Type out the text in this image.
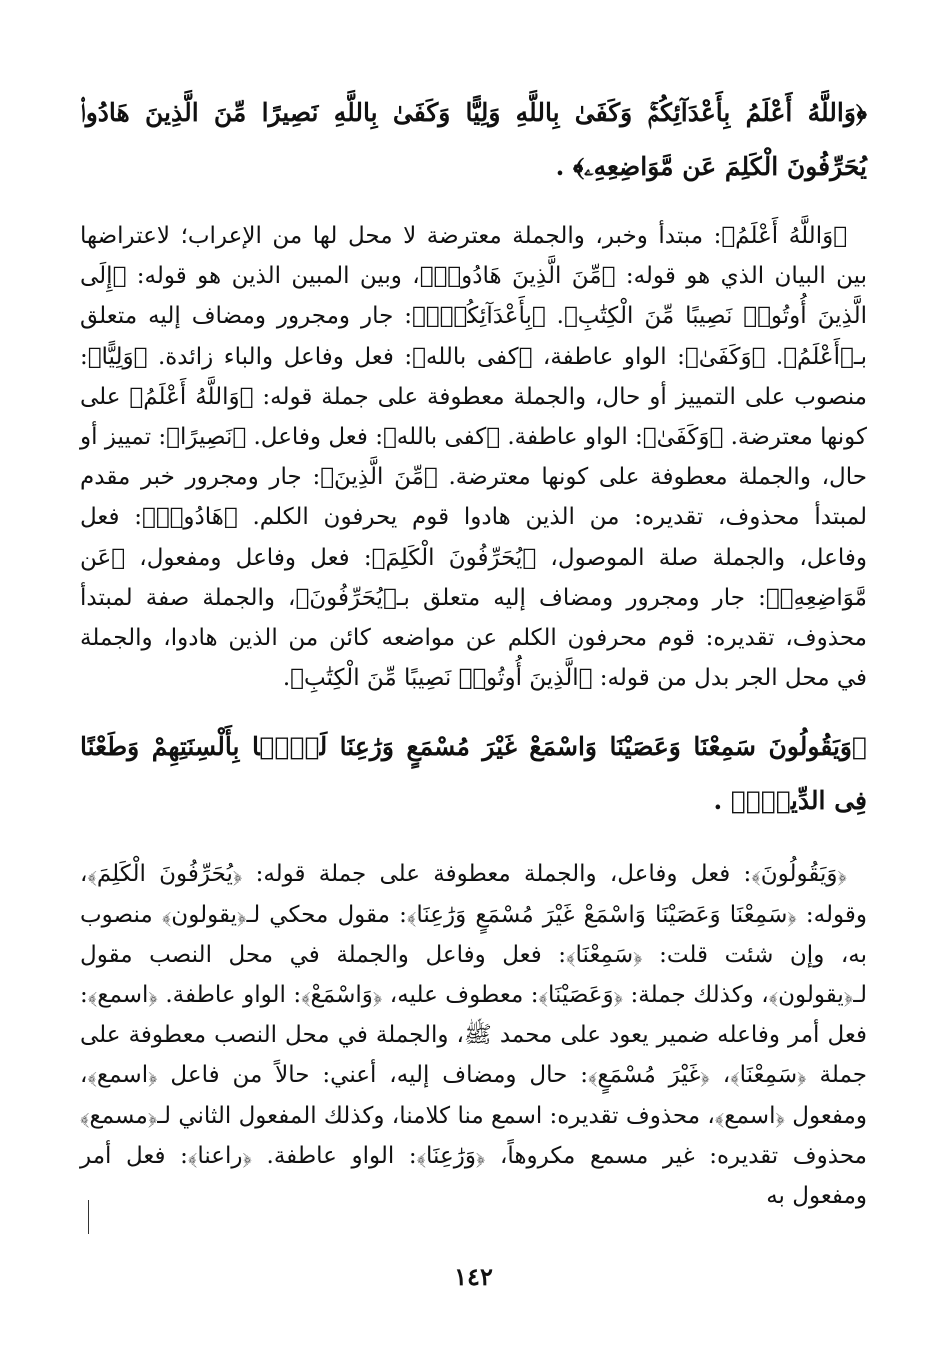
﴿وَاللَّهُ أَعْلَمُ بِأَعْدَآئِكُمْۚ وَكَفَىٰ بِاللَّهِ وَلِيًّا وَكَفَىٰ بِاللَّهِ نَصِيرًا مِّنَ الَّذِينَ هَادُوا۟ يُحَرِّفُونَ الْكَلِمَ عَن مَّوَاضِعِهِۦ﴾ .

﴿وَاللَّهُ أَعْلَمُ﴾: مبتدأ وخبر، والجملة معترضة لا محل لها من الإعراب؛ لاعتراضها بين البيان الذي هو قوله: ﴿مِّنَ الَّذِينَ هَادُوا۟﴾، وبين المبين الذين هو قوله: ﴿إِلَى الَّذِينَ أُوتُوا۟ نَصِيبًا مِّنَ الْكِتَٰبِ﴾. ﴿بِأَعْدَآئِكُمْۚ﴾: جار ومجرور ومضاف إليه متعلق بـ﴿أَعْلَمُ﴾. ﴿وَكَفَىٰ﴾: الواو عاطفة، ﴿كفى بالله﴾: فعل وفاعل والباء زائدة. ﴿وَلِيًّا﴾: منصوب على التمييز أو حال، والجملة معطوفة على جملة قوله: ﴿وَاللَّهُ أَعْلَمُ﴾ على كونها معترضة. ﴿وَكَفَىٰ﴾: الواو عاطفة. ﴿كفى بالله﴾: فعل وفاعل. ﴿نَصِيرًا﴾: تمييز أو حال، والجملة معطوفة على كونها معترضة. ﴿مِّنَ الَّذِينَ﴾: جار ومجرور خبر مقدم لمبتدأ محذوف، تقديره: من الذين هادوا قوم يحرفون الكلم. ﴿هَادُوا۟﴾: فعل وفاعل، والجملة صلة الموصول، ﴿يُحَرِّفُونَ الْكَلِمَ﴾: فعل وفاعل ومفعول، ﴿عَن مَّوَاضِعِهِۦ﴾: جار ومجرور ومضاف إليه متعلق بـ﴿يُحَرِّفُونَ﴾، والجملة صفة لمبتدأ محذوف، تقديره: قوم محرفون الكلم عن مواضعه كائن من الذين هادوا، والجملة في محل الجر بدل من قوله: ﴿الَّذِينَ أُوتُوا۟ نَصِيبًا مِّنَ الْكِتَٰبِ﴾.

﴿وَيَقُولُونَ سَمِعْنَا وَعَصَيْنَا وَاسْمَعْ غَيْرَ مُسْمَعٍ وَرَٰعِنَا لَيًّۢا بِأَلْسِنَتِهِمْ وَطَعْنًا فِى الدِّينِۚ﴾ .

﴿وَيَقُولُونَ﴾: فعل وفاعل، والجملة معطوفة على جملة قوله: ﴿يُحَرِّفُونَ الْكَلِمَ﴾، وقوله: ﴿سَمِعْنَا وَعَصَيْنَا وَاسْمَعْ غَيْرَ مُسْمَعٍ وَرَٰعِنَا﴾: مقول محكي لـ﴿يقولون﴾ منصوب به، وإن شئت قلت: ﴿سَمِعْنَا﴾: فعل وفاعل والجملة في محل النصب مقول لـ﴿يقولون﴾، وكذلك جملة: ﴿وَعَصَيْنَا﴾: معطوف عليه، ﴿وَاسْمَعْ﴾: الواو عاطفة. ﴿اسمع﴾: فعل أمر وفاعله ضمير يعود على محمد ﷺ، والجملة في محل النصب معطوفة على جملة ﴿سَمِعْنَا﴾، ﴿غَيْرَ مُسْمَعٍ﴾: حال ومضاف إليه، أعني: حالاً من فاعل ﴿اسمع﴾، ومفعول ﴿اسمع﴾، محذوف تقديره: اسمع منا كلامنا، وكذلك المفعول الثاني لـ﴿مسمع﴾ محذوف تقديره: غير مسمع مكروهاً، ﴿وَرَٰعِنَا﴾: الواو عاطفة. ﴿راعنا﴾: فعل أمر ومفعول به

١٤٢
